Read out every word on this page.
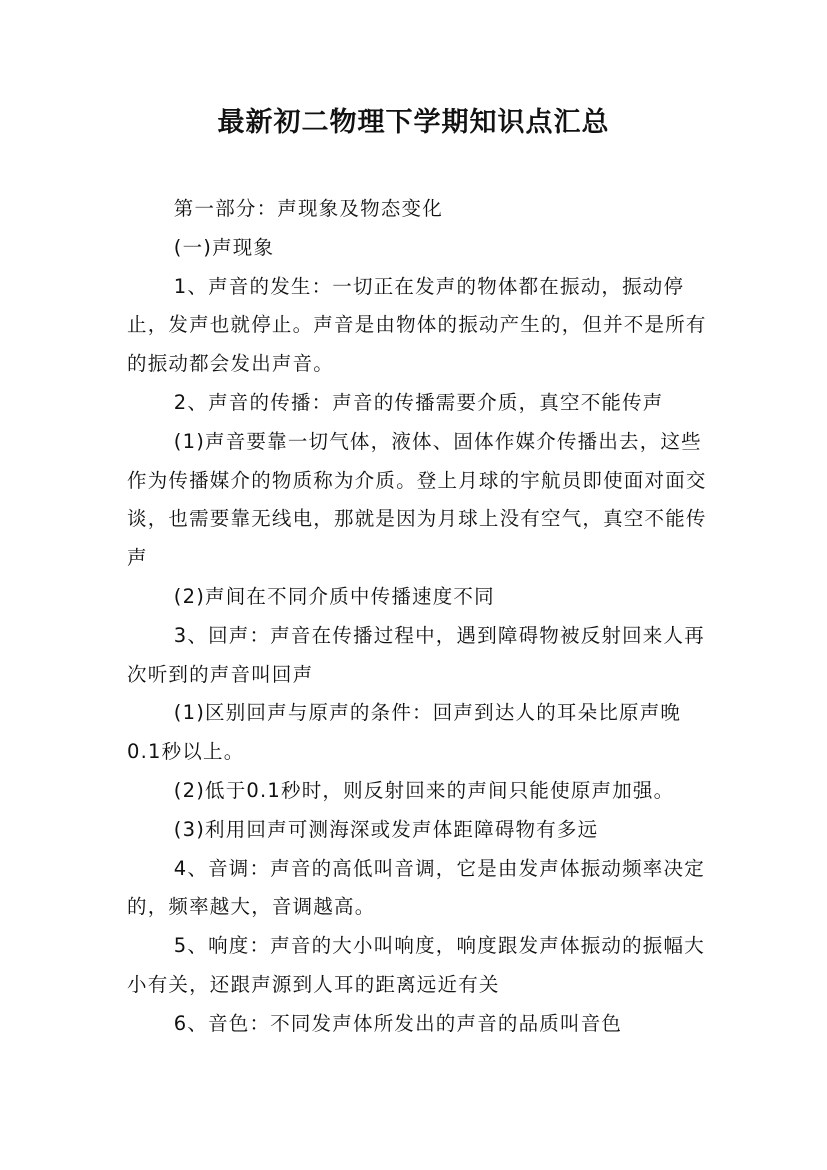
最新初二物理下学期知识点汇总

第一部分：声现象及物态变化

(一)声现象

1、声音的发生：一切正在发声的物体都在振动，振动停止，发声也就停止。声音是由物体的振动产生的，但并不是所有的振动都会发出声音。

2、声音的传播：声音的传播需要介质，真空不能传声

(1)声音要靠一切气体，液体、固体作媒介传播出去，这些作为传播媒介的物质称为介质。登上月球的宇航员即使面对面交谈，也需要靠无线电，那就是因为月球上没有空气，真空不能传声

(2)声间在不同介质中传播速度不同

3、回声：声音在传播过程中，遇到障碍物被反射回来人再次听到的声音叫回声

(1)区别回声与原声的条件：回声到达人的耳朵比原声晚0.1秒以上。

(2)低于0.1秒时，则反射回来的声间只能使原声加强。

(3)利用回声可测海深或发声体距障碍物有多远

4、音调：声音的高低叫音调，它是由发声体振动频率决定的，频率越大，音调越高。

5、响度：声音的大小叫响度，响度跟发声体振动的振幅大小有关，还跟声源到人耳的距离远近有关

6、音色：不同发声体所发出的声音的品质叫音色
